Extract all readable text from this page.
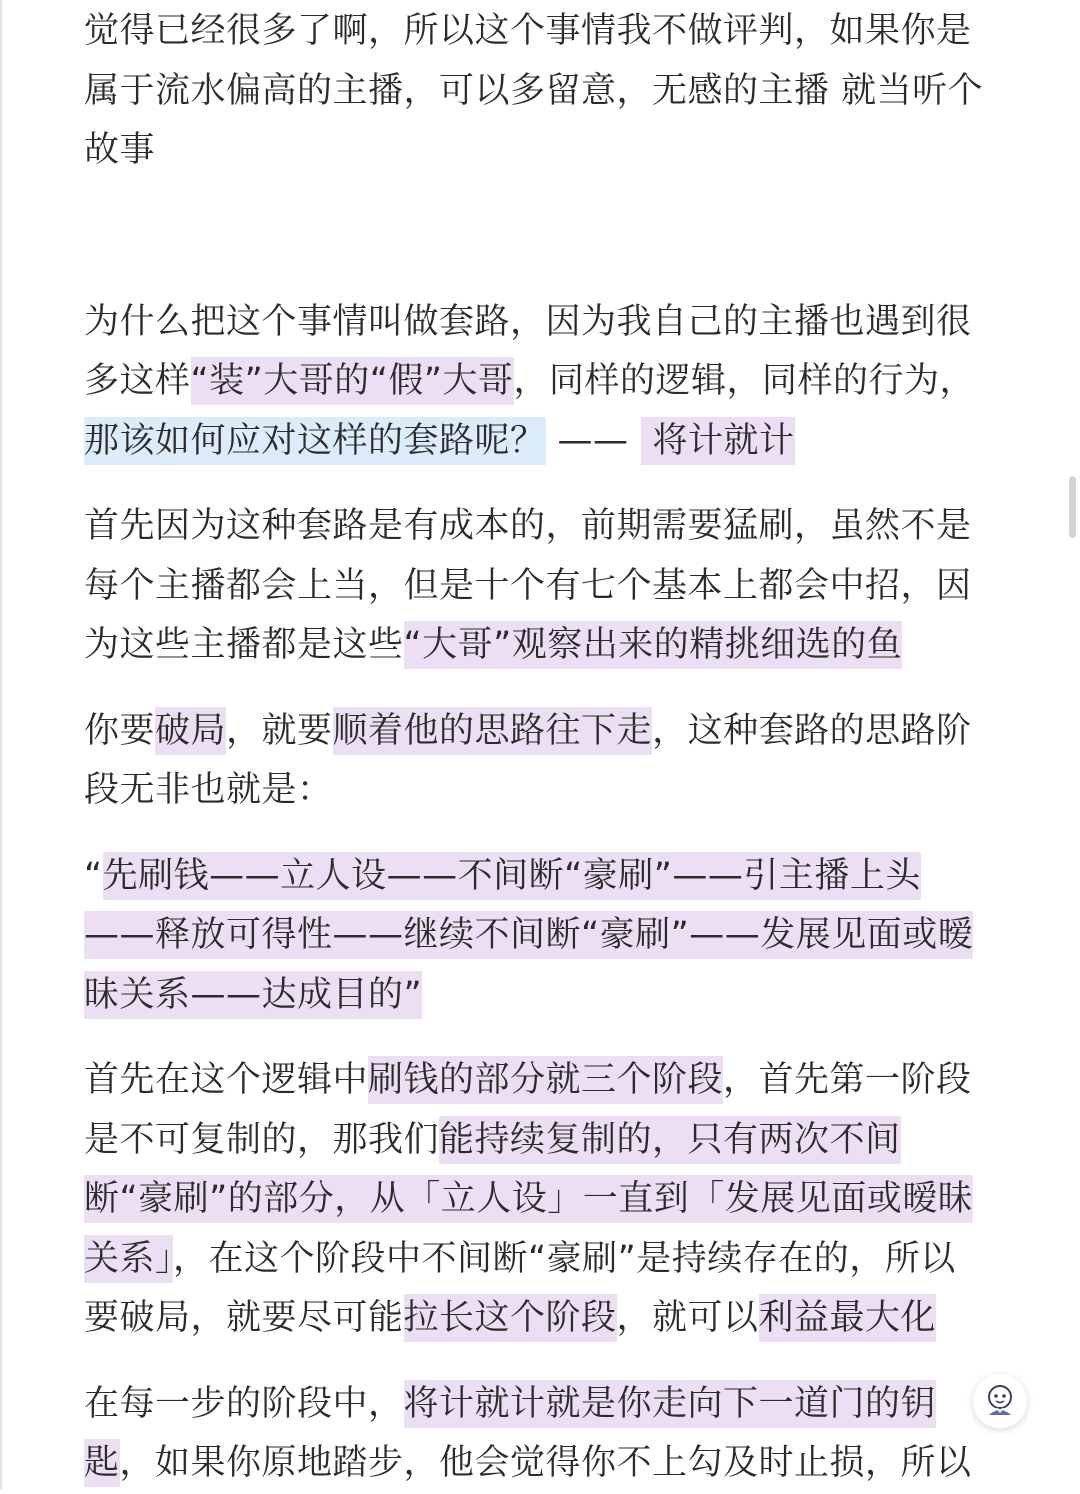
觉得已经很多了啊，所以这个事情我不做评判，如果你是属于流水偏高的主播，可以多留意，无感的主播 就当听个故事

为什么把这个事情叫做套路，因为我自己的主播也遇到很多这样“装”大哥的“假”大哥，同样的逻辑，同样的行为，那该如何应对这样的套路呢？ —— 将计就计

首先因为这种套路是有成本的，前期需要猛刷，虽然不是每个主播都会上当，但是十个有七个基本上都会中招，因为这些主播都是这些“大哥”观察出来的精挑细选的鱼

你要破局，就要顺着他的思路往下走，这种套路的思路阶段无非也就是：

“先刷钱——立人设——不间断“豪刷”——引主播上头——释放可得性——继续不间断“豪刷”——发展见面或暧昧关系——达成目的”

首先在这个逻辑中刷钱的部分就三个阶段，首先第一阶段是不可复制的，那我们能持续复制的，只有两次不间断“豪刷”的部分，从「立人设」一直到「发展见面或暧昧关系」，在这个阶段中不间断“豪刷”是持续存在的，所以要破局，就要尽可能拉长这个阶段，就可以利益最大化

在每一步的阶段中，将计就计就是你走向下一道门的钥匙，如果你原地踏步，他会觉得你不上勾及时止损，所以
